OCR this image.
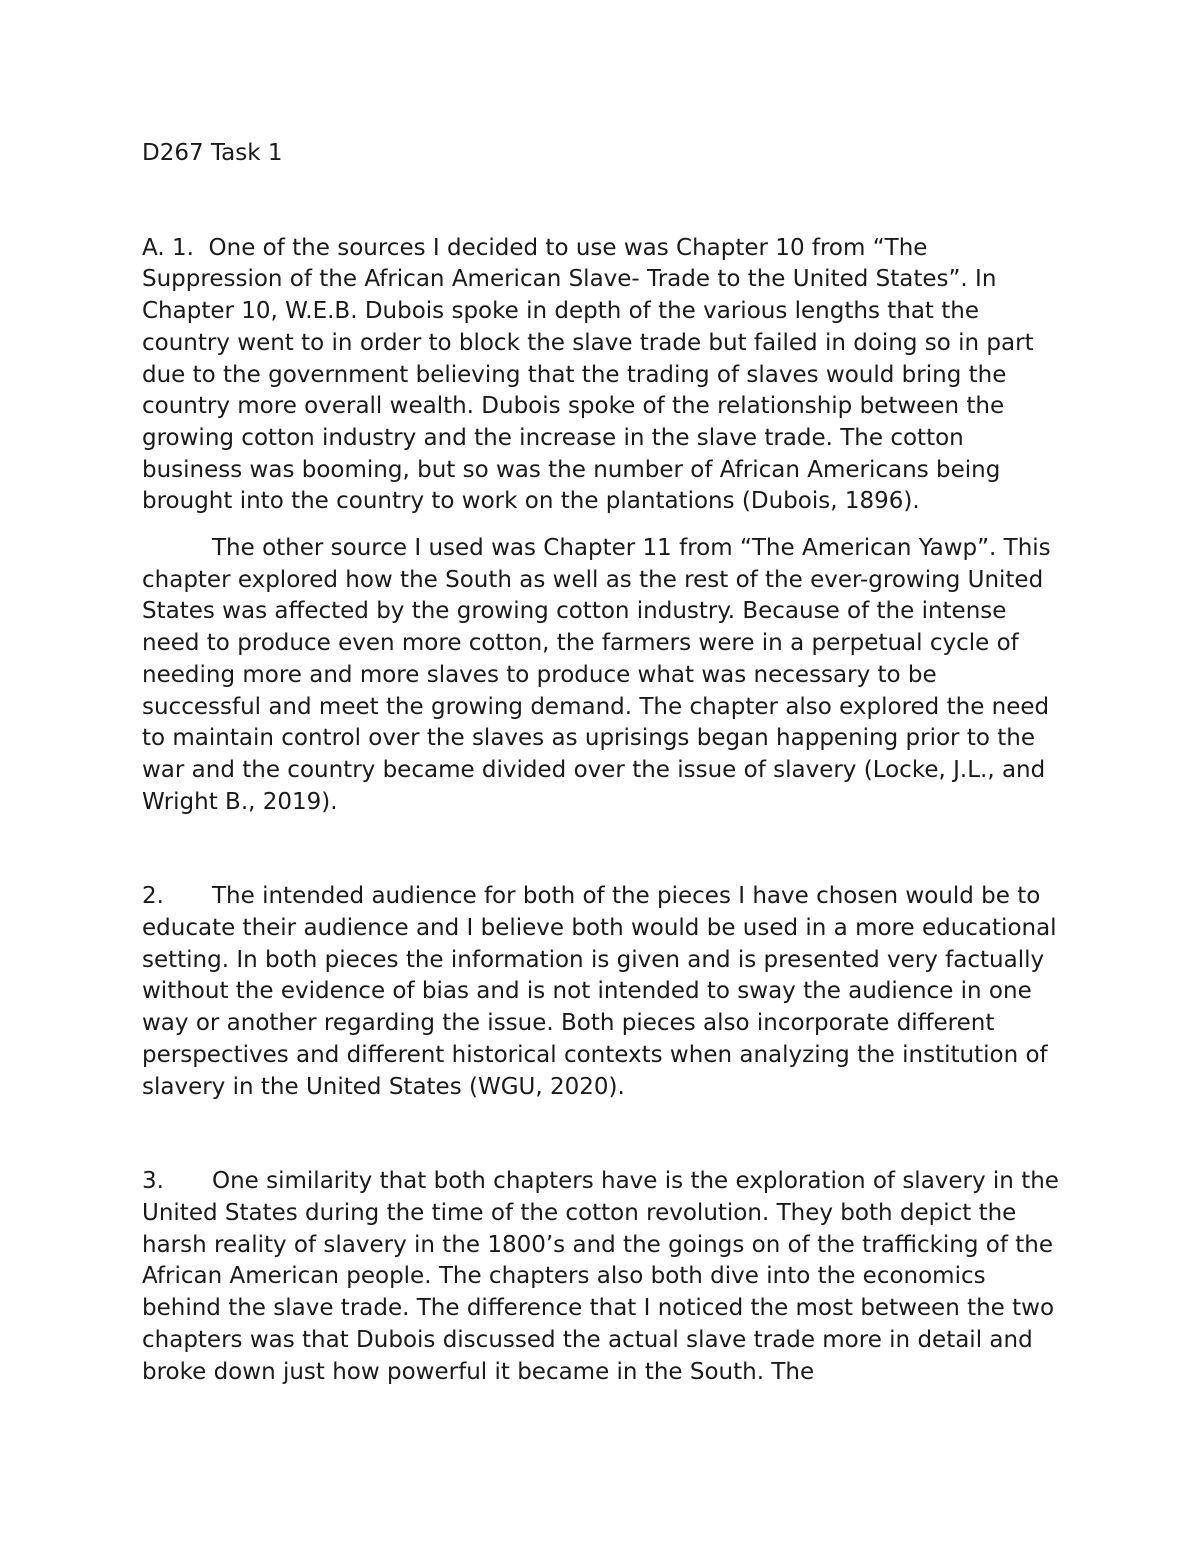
D267 Task 1

A. 1. One of the sources I decided to use was Chapter 10 from “The Suppression of the African American Slave- Trade to the United States”. In Chapter 10, W.E.B. Dubois spoke in depth of the various lengths that the country went to in order to block the slave trade but failed in doing so in part due to the government believing that the trading of slaves would bring the country more overall wealth. Dubois spoke of the relationship between the growing cotton industry and the increase in the slave trade. The cotton business was booming, but so was the number of African Americans being brought into the country to work on the plantations (Dubois, 1896).

The other source I used was Chapter 11 from “The American Yawp”. This chapter explored how the South as well as the rest of the ever-growing United States was affected by the growing cotton industry. Because of the intense need to produce even more cotton, the farmers were in a perpetual cycle of needing more and more slaves to produce what was necessary to be successful and meet the growing demand. The chapter also explored the need to maintain control over the slaves as uprisings began happening prior to the war and the country became divided over the issue of slavery (Locke, J.L., and Wright B., 2019).

2. The intended audience for both of the pieces I have chosen would be to educate their audience and I believe both would be used in a more educational setting. In both pieces the information is given and is presented very factually without the evidence of bias and is not intended to sway the audience in one way or another regarding the issue. Both pieces also incorporate different perspectives and different historical contexts when analyzing the institution of slavery in the United States (WGU, 2020).

3. One similarity that both chapters have is the exploration of slavery in the United States during the time of the cotton revolution. They both depict the harsh reality of slavery in the 1800’s and the goings on of the trafficking of the African American people. The chapters also both dive into the economics behind the slave trade. The difference that I noticed the most between the two chapters was that Dubois discussed the actual slave trade more in detail and broke down just how powerful it became in the South. The
